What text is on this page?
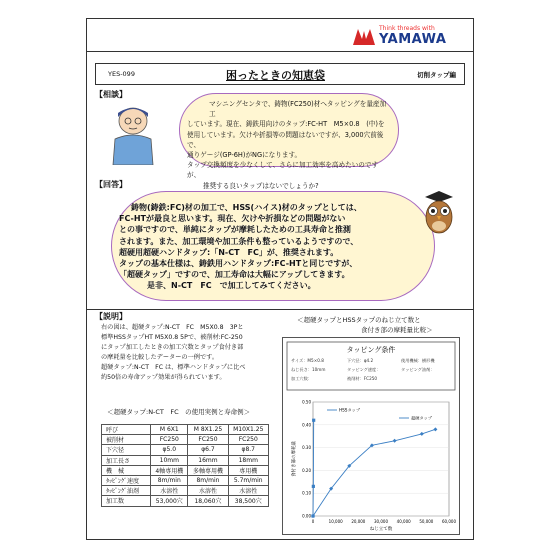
Think threads with
YAMAWA
YES-099	困ったときの知恵袋	切削タップ編
【相談】
マシニングセンタで、鋳物(FC250)材へタッピングを量産加工
しています。現在、鋳鉄用向けのタップ:FC-HT　M5×0.8　(中)を
使用しています。欠けや折損等の問題はないですが、3,000穴前後で、
通りゲージ(GP-6H)がNGになります。
タップ交換頻度を少なくして、さらに加工効率を高めたいのですが、
推奨する良いタップはないでしょうか?
【回答】
鋳物(鋳鉄:FC)材の加工で、HSS(ハイス)材のタップとしては、
FC-HTが最良と思います。現在、欠けや折損などの問題がない
との事ですので、単純にタップが摩耗したための工具寿命と推測
されます。また、加工環境や加工条件も整っているようですので、
超硬用超硬ハンドタップ:「N-CT　FC」が、推奨されます。
タップの基本仕様は、鋳鉄用ハンドタップ:FC-HTと同じですが、
「超硬タップ」ですので、加工寿命は大幅にアップしてきます。
是非、N-CT　FC　で加工してみてください。
【説明】
右の図は、超硬タップ:N-CT　FC　M5X0.8　3Pと
標準HSSタップHT M5X0.8 5Pで、被削材:FC-250
にタップ加工したときの加工穴数とタップ食付き部
の摩耗量を比較したデーターの一例です。
超硬タップ:N-CT　FC は、標準ハンドタップに比べ
約50倍の寿命アップ効果が得られています。
＜超硬タップ:N-CT　FC　の使用実例と寿命例＞
呼び	M 6X1	M 8X1.25	M10X1.25
被削材	FC250	FC250	FC250
下穴径	φ5.0	φ6.7	φ8.7
加工長さ	10mm	16mm	18mm
機　械	4軸専用機	多軸専用機	専用機
ﾀｯﾋﾟﾝｸﾞ速度	8m/min	8m/min	5.7m/min
ﾀｯﾋﾟﾝｸﾞ油剤	水溶性	水溶性	水溶性
加工数	53,000穴	18,060穴	38,500穴
＜超硬タップとHSSタップのねじ立て数と
食付き部の摩耗量比較＞
タッピング条件
サイズ：M5×0.8	下穴径：φ4.2	使用機械：横形機
ねじ長さ：10mm	タッピング速度：	タッピング油剤：
加工穴数：	被削材：FC250
0.00
0.10
0.20
0.30
0.40
0.50
0	10,000 20,000 30,000 40,000 50,000 60,000
ねじ立て数
食付き部の摩耗量
HSSタップ
超硬タップ
